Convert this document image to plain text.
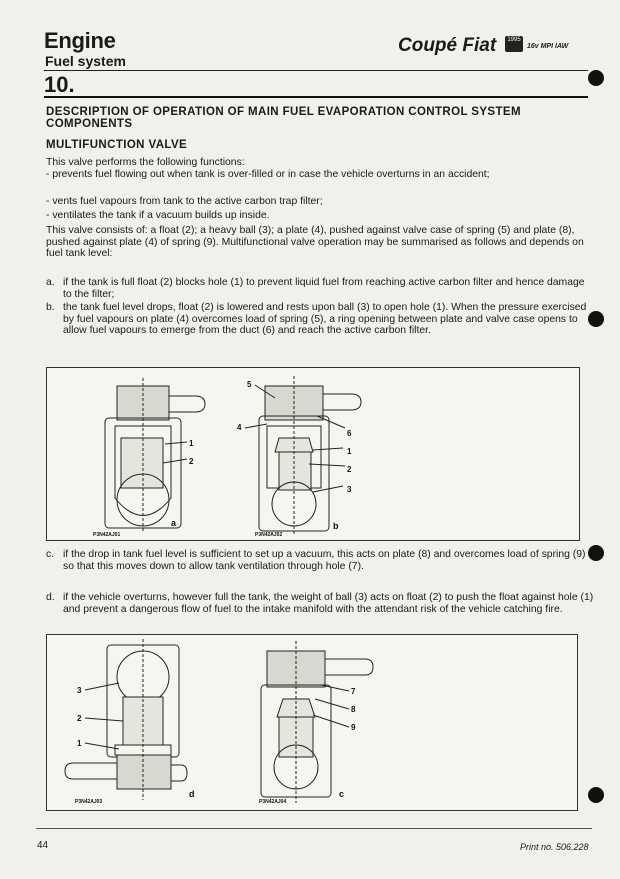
Engine
Fuel system
Coupé Fiat	1995
16v MPI IAW
10.
DESCRIPTION OF OPERATION OF MAIN FUEL EVAPORATION CONTROL SYSTEM COMPONENTS
MULTIFUNCTION VALVE
This valve performs the following functions:
- prevents fuel flowing out when tank is over-filled or in case the vehicle overturns in an accident;
- vents fuel vapours from tank to the active carbon trap filter;
- ventilates the tank if a vacuum builds up inside.
This valve consists of: a float (2); a heavy ball (3); a plate (4), pushed against valve case of spring (5) and plate (8), pushed against plate (4) of spring (9). Multifunctional valve operation may be summarised as follows and depends on fuel tank level:
a. if the tank is full float (2) blocks hole (1) to prevent liquid fuel from reaching active carbon filter and hence damage to the filter;
b. the tank fuel level drops, float (2) is lowered and rests upon ball (3) to open hole (1). When the pressure exercised by fuel vapours on plate (4) overcomes load of spring (5), a ring opening between plate and valve case opens to allow fuel vapours to emerge from the duct (6) and reach the active carbon filter.
1
2
5
4
6
1
2
3
a	b
P3N42AJ01	P3N42AJ02
c. if the drop in tank fuel level is sufficient to set up a vacuum, this acts on plate (8) and overcomes load of spring (9) so that this moves down to allow tank ventilation through hole (7).
d. if the vehicle overturns, however full the tank, the weight of ball (3) acts on float (2) to push the float against hole (1) and prevent a dangerous flow of fuel to the intake manifold with the attendant risk of the vehicle catching fire.
3
2
1
7
8
9
d	c
P3N42AJ03	P3N42AJ04
44	Print no. 506.228
